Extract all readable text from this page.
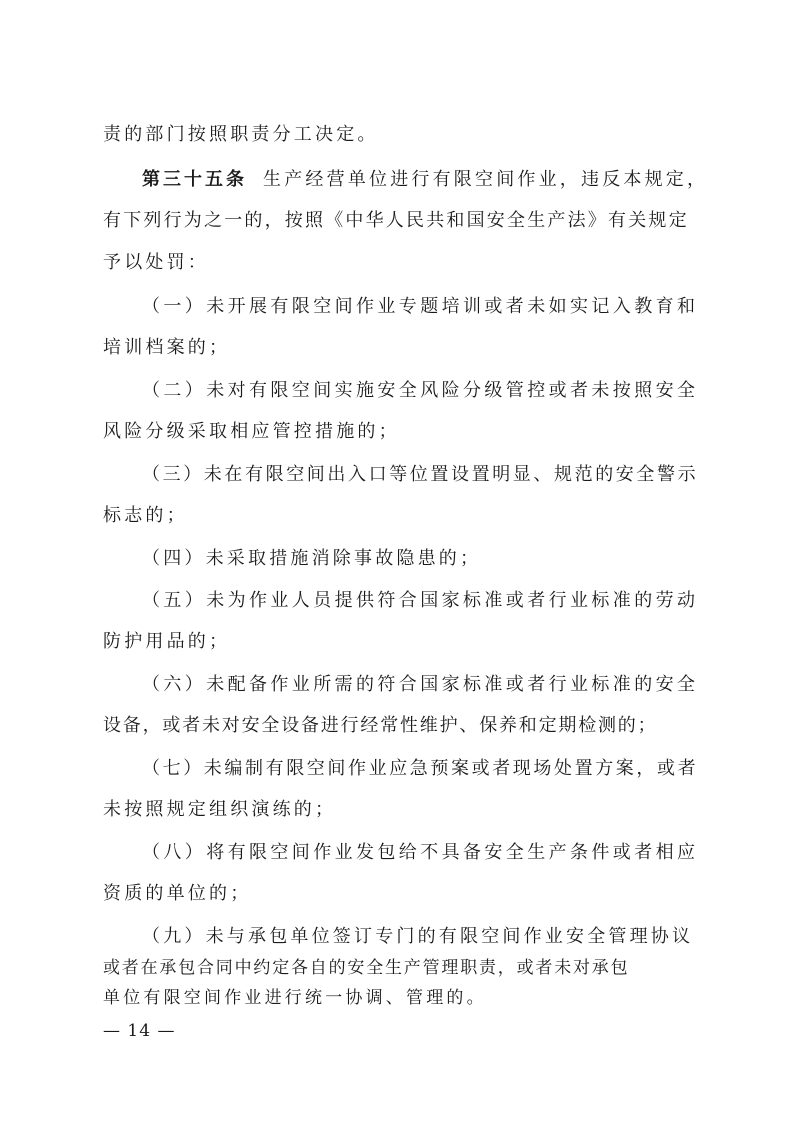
责的部门按照职责分工决定。
第三十五条 生产经营单位进行有限空间作业，违反本规定，
有下列行为之一的，按照《中华人民共和国安全生产法》有关规定
予以处罚：
（一）未开展有限空间作业专题培训或者未如实记入教育和
培训档案的；
（二）未对有限空间实施安全风险分级管控或者未按照安全
风险分级采取相应管控措施的；
（三）未在有限空间出入口等位置设置明显、规范的安全警示
标志的；
（四）未采取措施消除事故隐患的；
（五）未为作业人员提供符合国家标准或者行业标准的劳动
防护用品的；
（六）未配备作业所需的符合国家标准或者行业标准的安全
设备，或者未对安全设备进行经常性维护、保养和定期检测的；
（七）未编制有限空间作业应急预案或者现场处置方案，或者
未按照规定组织演练的；
（八）将有限空间作业发包给不具备安全生产条件或者相应
资质的单位的；
（九）未与承包单位签订专门的有限空间作业安全管理协议
或者在承包合同中约定各自的安全生产管理职责，或者未对承包
单位有限空间作业进行统一协调、管理的。
— 14 —
